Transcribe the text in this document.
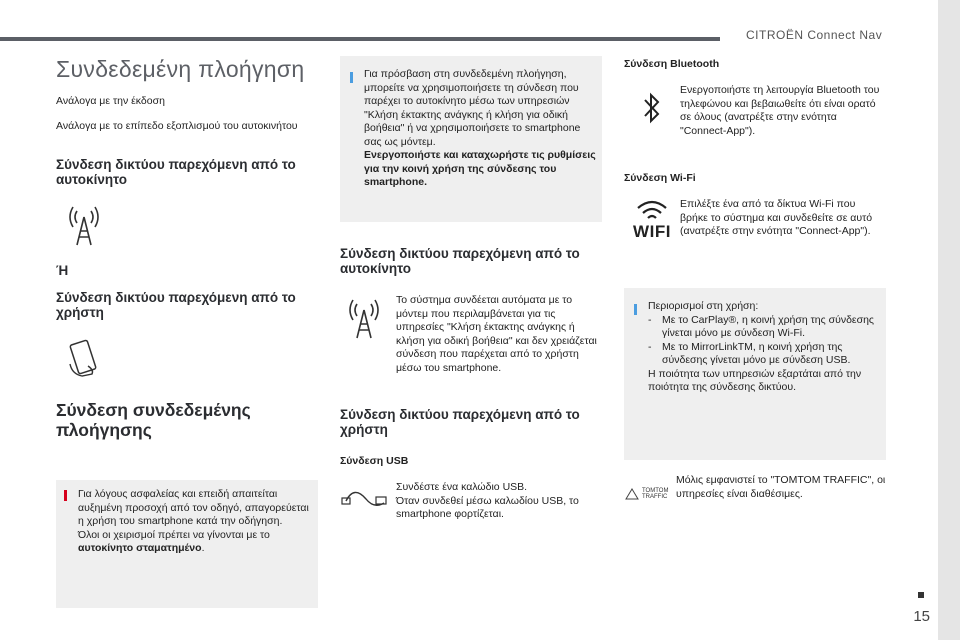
CITROËN Connect Nav
15
Συνδεδεμένη πλοήγηση
Ανάλογα με την έκδοση
Ανάλογα με το επίπεδο εξοπλισμού του αυτοκινήτου
Σύνδεση δικτύου παρεχόμενη από το αυτοκίνητο
Ή
Σύνδεση δικτύου παρεχόμενη από το χρήστη
Σύνδεση συνδεδεμένης πλοήγησης
Για λόγους ασφαλείας και επειδή απαιτείται αυξημένη προσοχή από τον οδηγό, απαγορεύεται η χρήση του smartphone κατά την οδήγηση.
Όλοι οι χειρισμοί πρέπει να γίνονται με το αυτοκίνητο σταματημένο.
Για πρόσβαση στη συνδεδεμένη πλοήγηση, μπορείτε να χρησιμοποιήσετε τη σύνδεση που παρέχει το αυτοκίνητο μέσω των υπηρεσιών "Κλήση έκτακτης ανάγκης ή κλήση για οδική βοήθεια" ή να χρησιμοποιήσετε το smartphone σας ως μόντεμ.
Ενεργοποιήστε και καταχωρήστε τις ρυθμίσεις για την κοινή χρήση της σύνδεσης του smartphone.
Σύνδεση δικτύου παρεχόμενη από το αυτοκίνητο
Το σύστημα συνδέεται αυτόματα με το μόντεμ που περιλαμβάνεται για τις υπηρεσίες "Κλήση έκτακτης ανάγκης ή κλήση για οδική βοήθεια" και δεν χρειάζεται σύνδεση που παρέχεται από το χρήστη μέσω του smartphone.
Σύνδεση δικτύου παρεχόμενη από το χρήστη
Σύνδεση USB
Συνδέστε ένα καλώδιο USB.
Όταν συνδεθεί μέσω καλωδίου USB, το smartphone φορτίζεται.
Σύνδεση Bluetooth
Ενεργοποιήστε τη λειτουργία Bluetooth του τηλεφώνου και βεβαιωθείτε ότι είναι ορατό σε όλους (ανατρέξτε στην ενότητα "Connect-App").
Σύνδεση Wi-Fi
WIFI
Επιλέξτε ένα από τα δίκτυα Wi-Fi που βρήκε το σύστημα και συνδεθείτε σε αυτό (ανατρέξτε στην ενότητα "Connect-App").
Περιορισμοί στη χρήση:
-	Με το CarPlay®, η κοινή χρήση της σύνδεσης γίνεται μόνο με σύνδεση Wi-Fi.
-	Με το MirrorLinkTM, η κοινή χρήση της σύνδεσης γίνεται μόνο με σύνδεση USB.
Η ποιότητα των υπηρεσιών εξαρτάται από την ποιότητα της σύνδεσης δικτύου.
TOMTOM TRAFFIC
Μόλις εμφανιστεί το "TOMTOM TRAFFIC", οι υπηρεσίες είναι διαθέσιμες.
